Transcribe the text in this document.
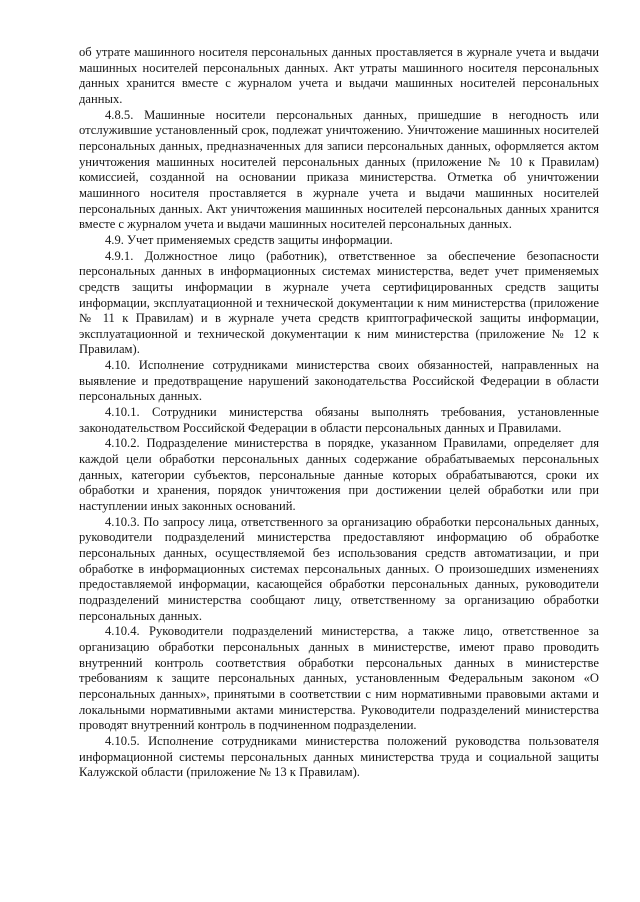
об утрате машинного носителя персональных данных проставляется в журнале учета и выдачи машинных носителей персональных данных. Акт утраты машинного носителя персональных данных хранится вместе с журналом учета и выдачи машинных носителей персональных данных.

4.8.5. Машинные носители персональных данных, пришедшие в негодность или отслужившие установленный срок, подлежат уничтожению. Уничтожение машинных носителей персональных данных, предназначенных для записи персональных данных, оформляется актом уничтожения машинных носителей персональных данных (приложение № 10 к Правилам) комиссией, созданной на основании приказа министерства. Отметка об уничтожении машинного носителя проставляется в журнале учета и выдачи машинных носителей персональных данных. Акт уничтожения машинных носителей персональных данных хранится вместе с журналом учета и выдачи машинных носителей персональных данных.

4.9. Учет применяемых средств защиты информации.

4.9.1. Должностное лицо (работник), ответственное за обеспечение безопасности персональных данных в информационных системах министерства, ведет учет применяемых средств защиты информации в журнале учета сертифицированных средств защиты информации, эксплуатационной и технической документации к ним министерства (приложение № 11 к Правилам) и в журнале учета средств криптографической защиты информации, эксплуатационной и технической документации к ним министерства (приложение № 12 к Правилам).

4.10. Исполнение сотрудниками министерства своих обязанностей, направленных на выявление и предотвращение нарушений законодательства Российской Федерации в области персональных данных.

4.10.1. Сотрудники министерства обязаны выполнять требования, установленные законодательством Российской Федерации в области персональных данных и Правилами.

4.10.2. Подразделение министерства в порядке, указанном Правилами, определяет для каждой цели обработки персональных данных содержание обрабатываемых персональных данных, категории субъектов, персональные данные которых обрабатываются, сроки их обработки и хранения, порядок уничтожения при достижении целей обработки или при наступлении иных законных оснований.

4.10.3. По запросу лица, ответственного за организацию обработки персональных данных, руководители подразделений министерства предоставляют информацию об обработке персональных данных, осуществляемой без использования средств автоматизации, и при обработке в информационных системах персональных данных. О произошедших изменениях предоставляемой информации, касающейся обработки персональных данных, руководители подразделений министерства сообщают лицу, ответственному за организацию обработки персональных данных.

4.10.4. Руководители подразделений министерства, а также лицо, ответственное за организацию обработки персональных данных в министерстве, имеют право проводить внутренний контроль соответствия обработки персональных данных в министерстве требованиям к защите персональных данных, установленным Федеральным законом «О персональных данных», принятыми в соответствии с ним нормативными правовыми актами и локальными нормативными актами министерства. Руководители подразделений министерства проводят внутренний контроль в подчиненном подразделении.

4.10.5. Исполнение сотрудниками министерства положений руководства пользователя информационной системы персональных данных министерства труда и социальной защиты Калужской области (приложение № 13 к Правилам).
